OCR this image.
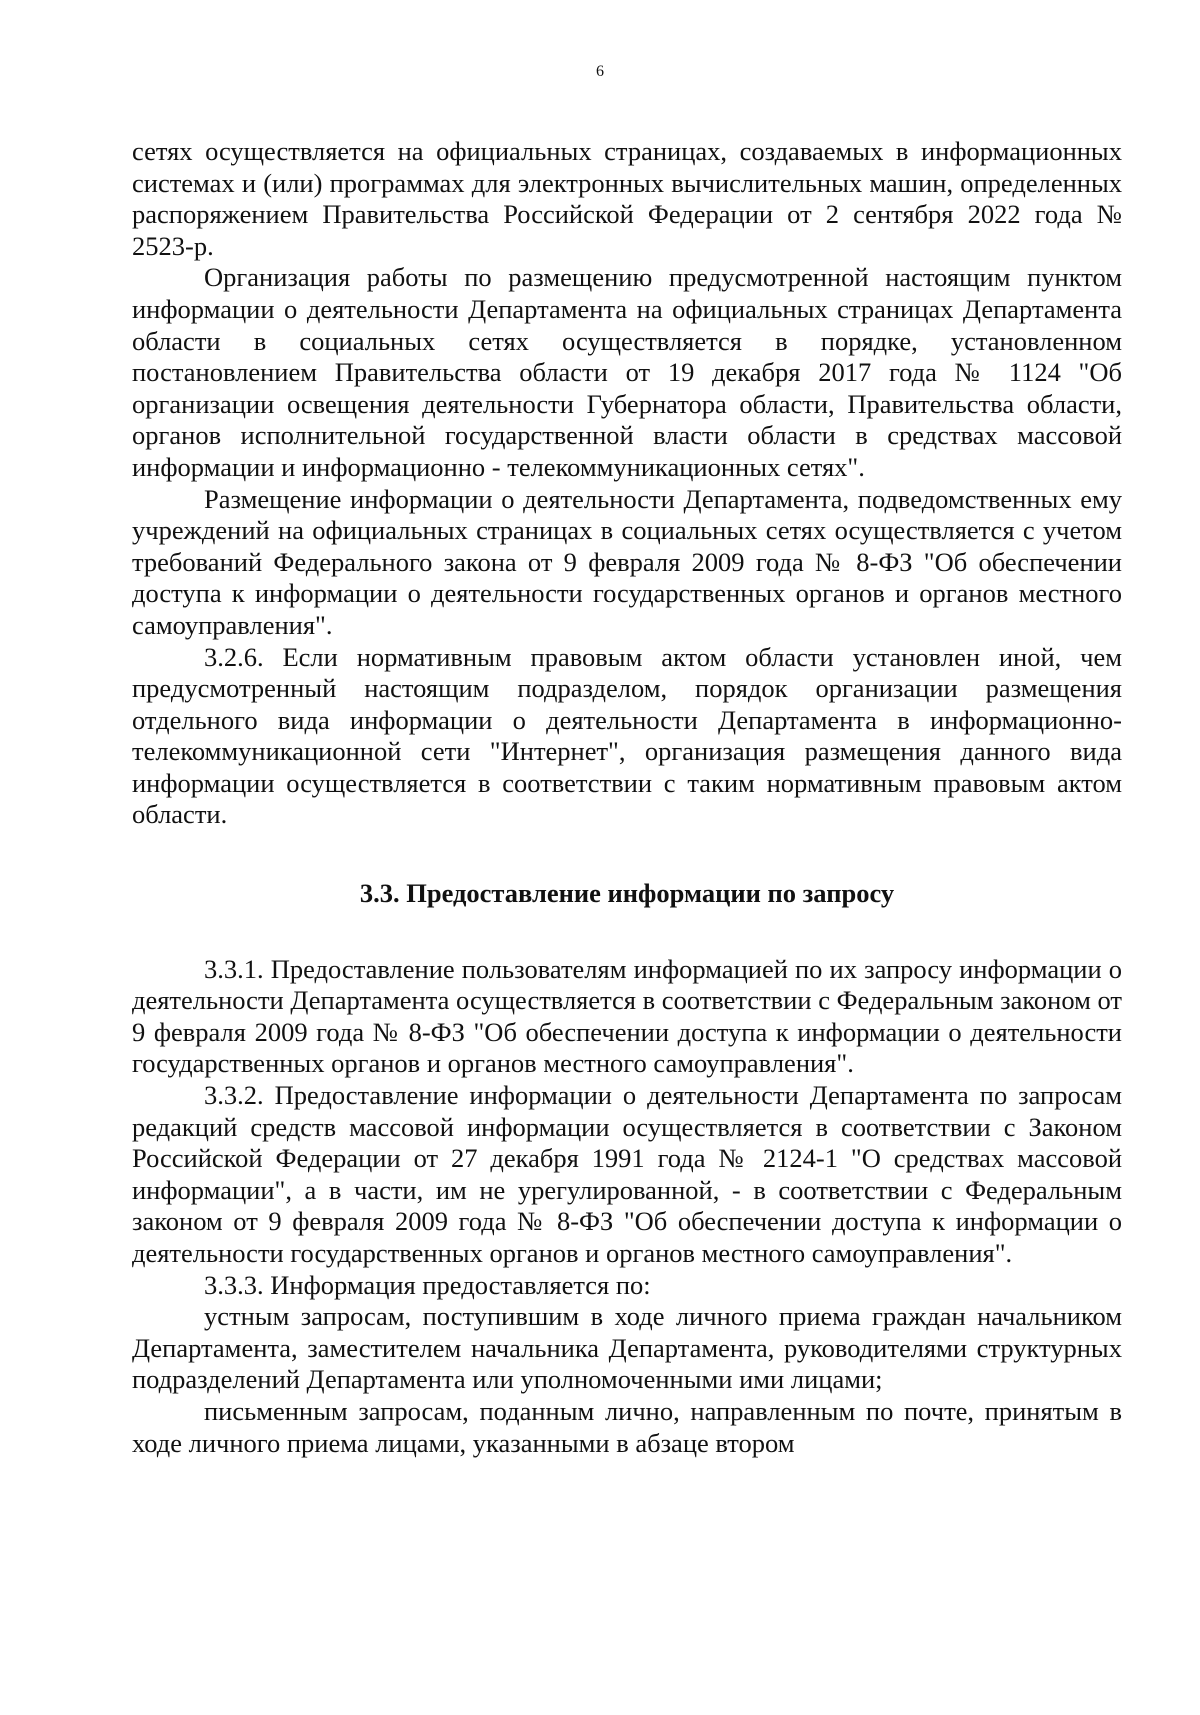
6

сетях осуществляется на официальных страницах, создаваемых в информационных системах и (или) программах для электронных вычислительных машин, определенных распоряжением Правительства Российской Федерации от 2 сентября 2022 года № 2523-р.

Организация работы по размещению предусмотренной настоящим пунктом информации о деятельности Департамента на официальных страницах Департамента области в социальных сетях осуществляется в порядке, установленном постановлением Правительства области от 19 декабря 2017 года № 1124 "Об организации освещения деятельности Губернатора области, Правительства области, органов исполнительной государственной власти области в средствах массовой информации и информационно - телекоммуникационных сетях".

Размещение информации о деятельности Департамента, подведомственных ему учреждений на официальных страницах в социальных сетях осуществляется с учетом требований Федерального закона от 9 февраля 2009 года № 8-ФЗ "Об обеспечении доступа к информации о деятельности государственных органов и органов местного самоуправления".

3.2.6. Если нормативным правовым актом области установлен иной, чем предусмотренный настоящим подразделом, порядок организации размещения отдельного вида информации о деятельности Департамента в информационно-телекоммуникационной сети "Интернет", организация размещения данного вида информации осуществляется в соответствии с таким нормативным правовым актом области.

3.3. Предоставление информации по запросу

3.3.1. Предоставление пользователям информацией по их запросу информации о деятельности Департамента осуществляется в соответствии с Федеральным законом от 9 февраля 2009 года № 8-ФЗ "Об обеспечении доступа к информации о деятельности государственных органов и органов местного самоуправления".

3.3.2. Предоставление информации о деятельности Департамента по запросам редакций средств массовой информации осуществляется в соответствии с Законом Российской Федерации от 27 декабря 1991 года № 2124-1 "О средствах массовой информации", а в части, им не урегулированной, - в соответствии с Федеральным законом от 9 февраля 2009 года № 8-ФЗ "Об обеспечении доступа к информации о деятельности государственных органов и органов местного самоуправления".

3.3.3. Информация предоставляется по:

устным запросам, поступившим в ходе личного приема граждан начальником Департамента, заместителем начальника Департамента, руководителями структурных подразделений Департамента или уполномоченными ими лицами;

письменным запросам, поданным лично, направленным по почте, принятым в ходе личного приема лицами, указанными в абзаце втором
